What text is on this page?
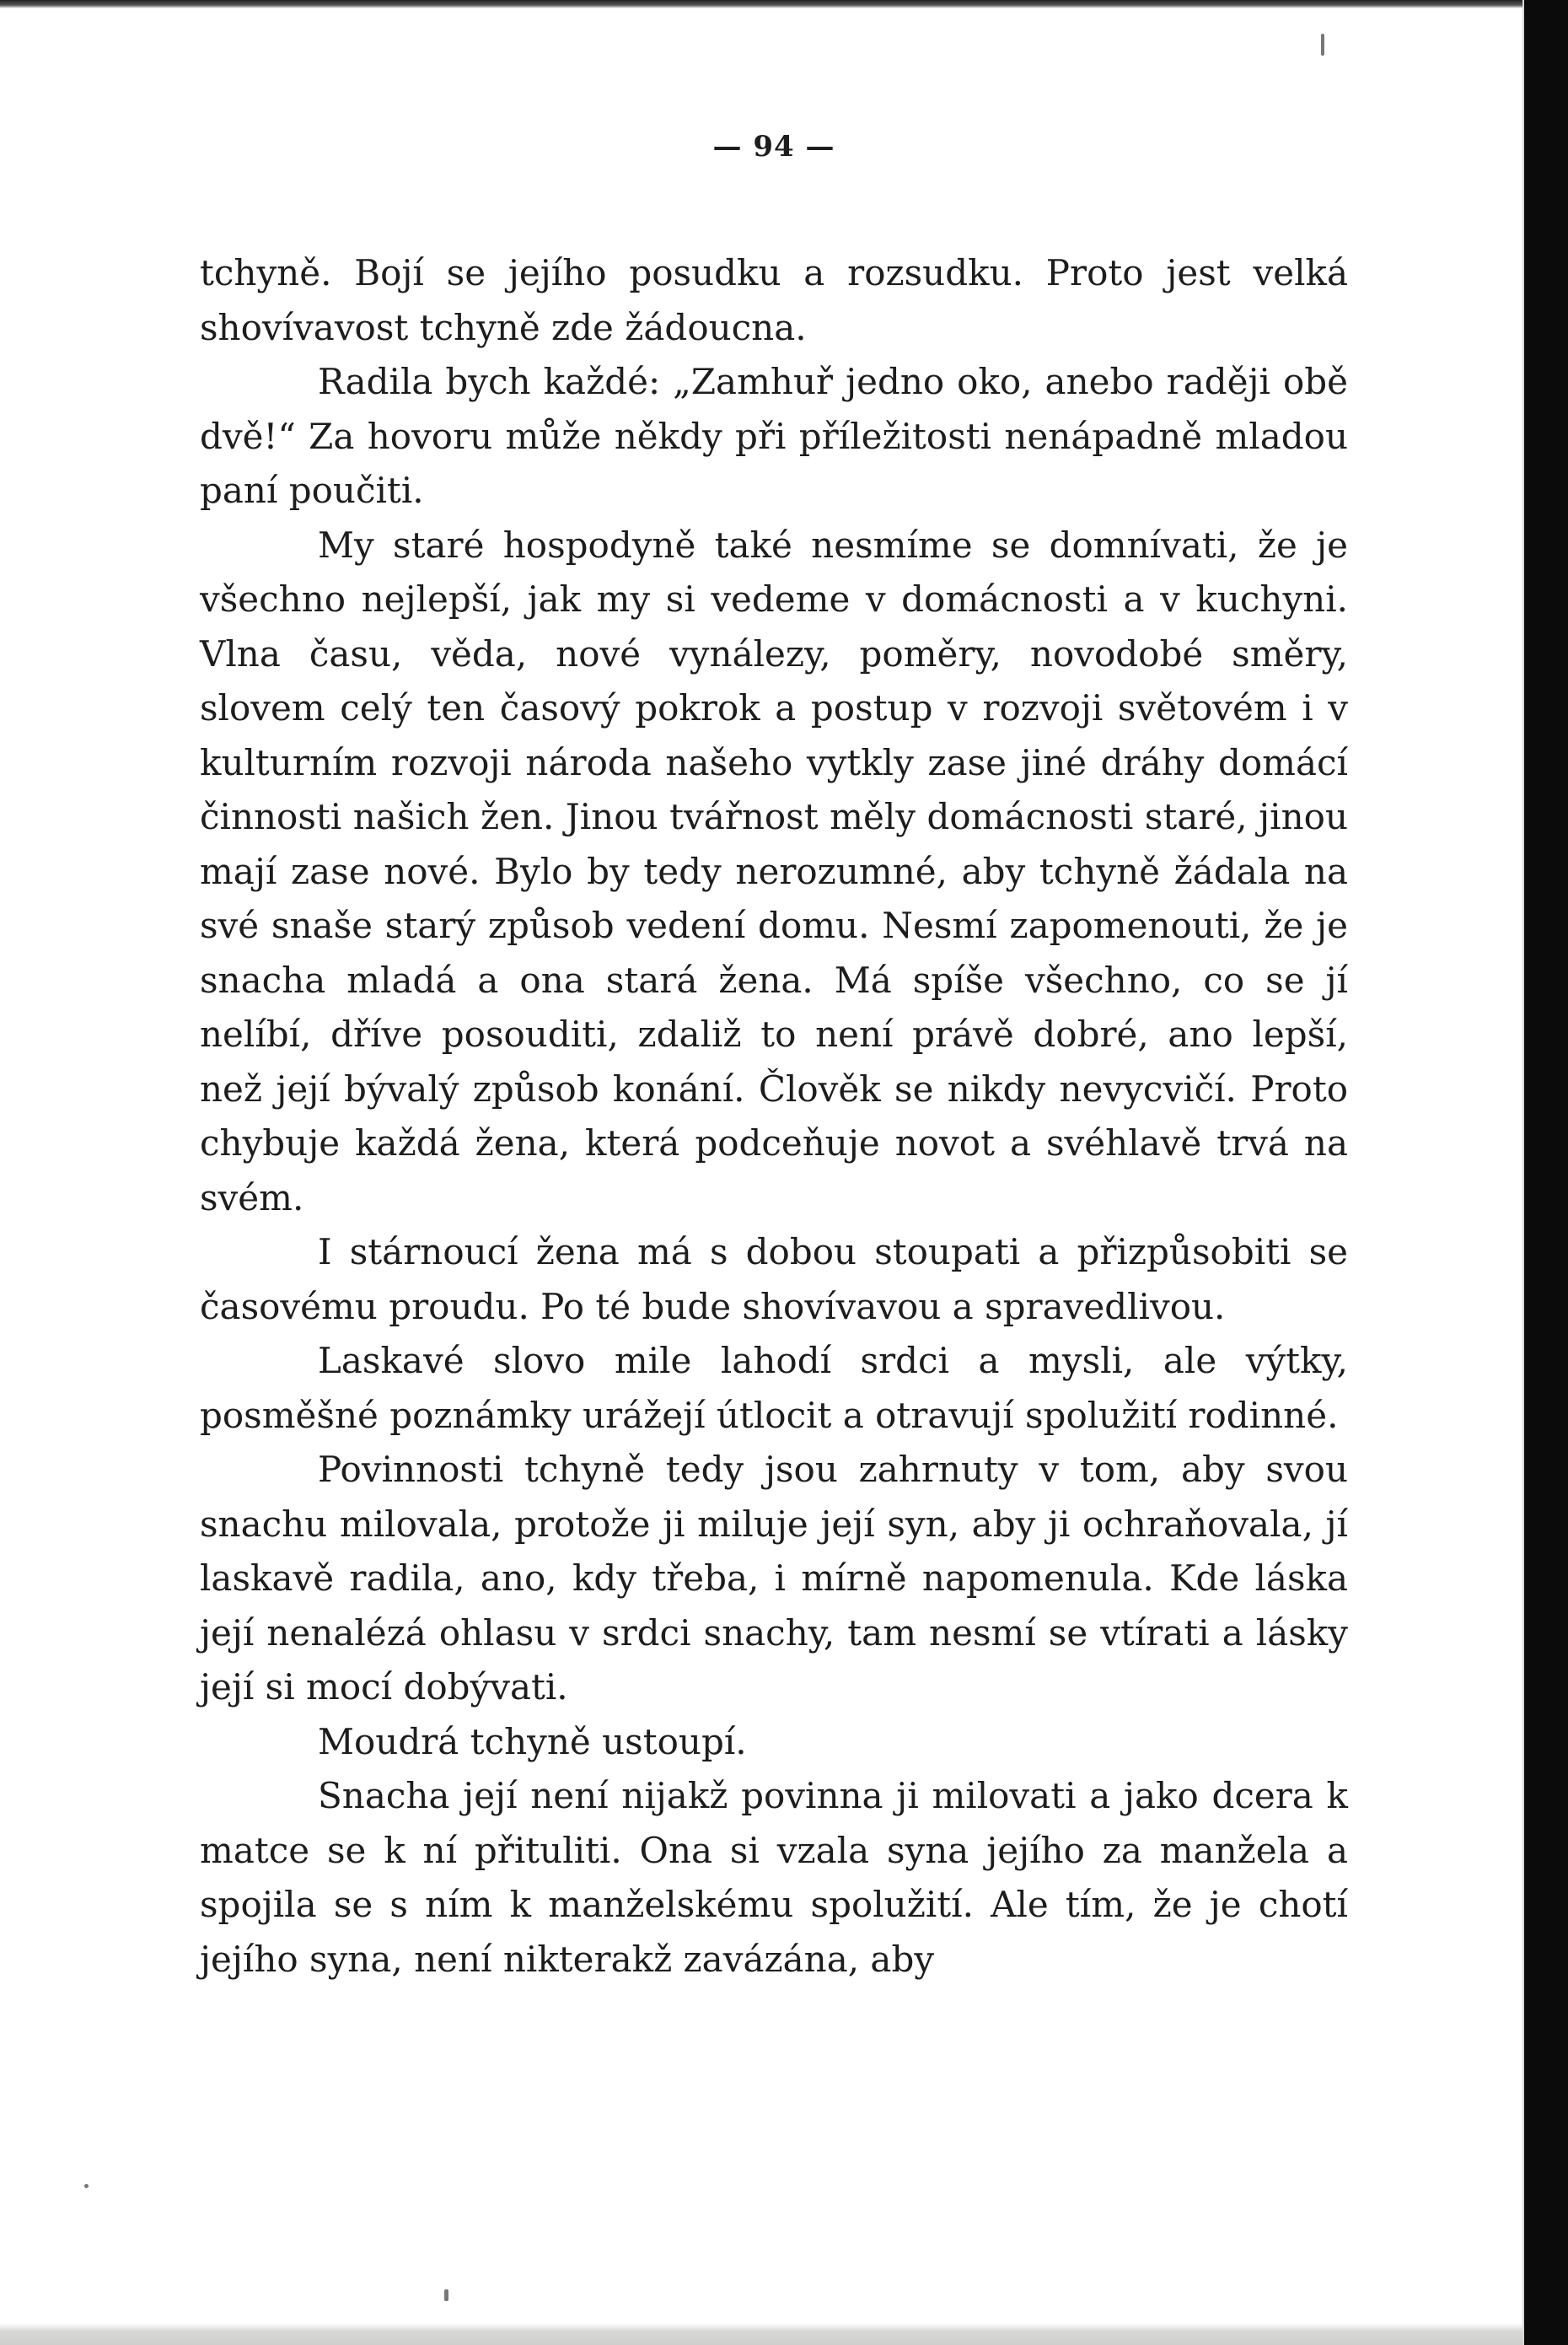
— 94 —

tchyně. Bojí se jejího posudku a rozsudku. Proto jest velká shovívavost tchyně zde žádoucna.

Radila bych každé: „Zamhuř jedno oko, anebo raději obě dvě!“ Za hovoru může někdy při příležitosti nenápadně mladou paní poučiti.

My staré hospodyně také nesmíme se domnívati, že je všechno nejlepší, jak my si vedeme v domácnosti a v kuchyni. Vlna času, věda, nové vynálezy, poměry, novodobé směry, slovem celý ten časový pokrok a postup v rozvoji světovém i v kulturním rozvoji národa našeho vytkly zase jiné dráhy domácí činnosti našich žen. Jinou tvářnost měly domácnosti staré, jinou mají zase nové. Bylo by tedy nerozumné, aby tchyně žádala na své snaše starý způsob vedení domu. Nesmí zapomenouti, že je snacha mladá a ona stará žena. Má spíše všechno, co se jí nelíbí, dříve posouditi, zdaliž to není právě dobré, ano lepší, než její bývalý způsob konání. Člověk se nikdy nevycvičí. Proto chybuje každá žena, která podceňuje novot a svéhlavě trvá na svém.

I stárnoucí žena má s dobou stoupati a přizpůsobiti se časovému proudu. Po té bude shovívavou a spravedlivou.

Laskavé slovo mile lahodí srdci a mysli, ale výtky, posměšné poznámky urážejí útlocit a otravují spolužití rodinné.

Povinnosti tchyně tedy jsou zahrnuty v tom, aby svou snachu milovala, protože ji miluje její syn, aby ji ochraňovala, jí laskavě radila, ano, kdy třeba, i mírně napomenula. Kde láska její nenalézá ohlasu v srdci snachy, tam nesmí se vtírati a lásky její si mocí dobývati.

Moudrá tchyně ustoupí.

Snacha její není nijakž povinna ji milovati a jako dcera k matce se k ní přituliti. Ona si vzala syna jejího za manžela a spojila se s ním k manželskému spolužití. Ale tím, že je chotí jejího syna, není nikterakž zavázána, aby
